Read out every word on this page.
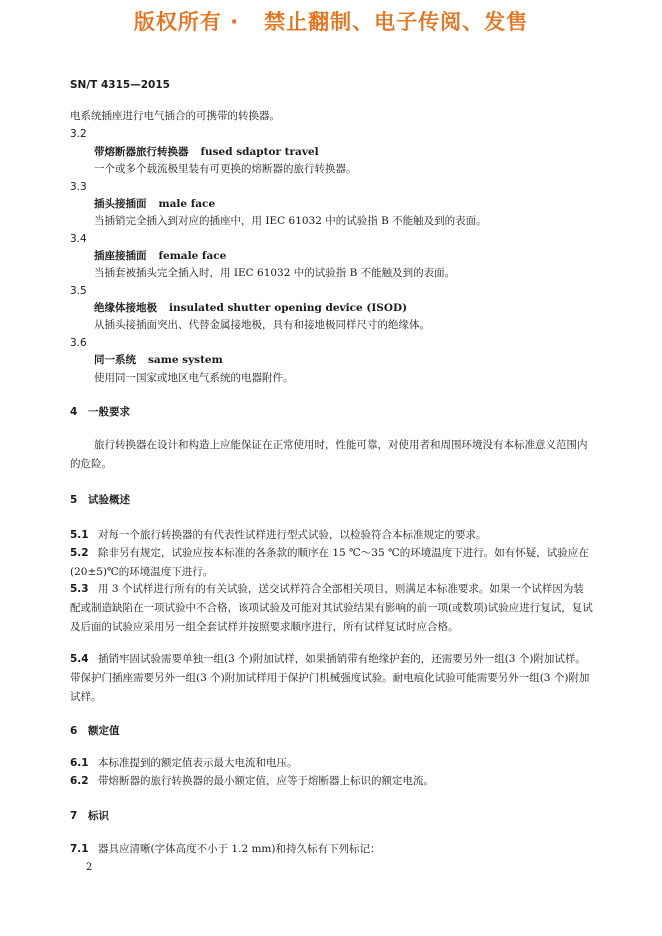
版权所有 ·   禁止翻制、电子传阅、发售
SN/T 4315—2015
电系统插座进行电气插合的可携带的转换器。
3.2
带熔断器旅行转换器 fused sdaptor travel
一个或多个载流极里装有可更换的熔断器的旅行转换器。
3.3
插头接插面 male face
当插销完全插入到对应的插座中，用 IEC 61032 中的试验指 B 不能触及到的表面。
3.4
插座接插面 female face
当插套被插头完全插入时，用 IEC 61032 中的试验指 B 不能触及到的表面。
3.5
绝缘体接地极 insulated shutter opening device (ISOD)
从插头接插面突出、代替金属接地极，具有和接地极同样尺寸的绝缘体。
3.6
同一系统 same system
使用同一国家或地区电气系统的电器附件。
4 一般要求
旅行转换器在设计和构造上应能保证在正常使用时，性能可靠，对使用者和周围环境没有本标准意义范围内的危险。
5 试验概述
5.1 对每一个旅行转换器的有代表性试样进行型式试验，以检验符合本标准规定的要求。
5.2 除非另有规定，试验应按本标准的各条款的顺序在 15 ℃～35 ℃的环境温度下进行。如有怀疑，试验应在(20±5)℃的环境温度下进行。
5.3 用 3 个试样进行所有的有关试验，送交试样符合全部相关项目，则满足本标准要求。如果一个试样因为装配或制造缺陷在一项试验中不合格，该项试验及可能对其试验结果有影响的前一项(或数项)试验应进行复试，复试及后面的试验应采用另一组全套试样并按照要求顺序进行，所有试样复试时应合格。
5.4 插销牢固试验需要单独一组(3 个)附加试样，如果插销带有绝缘护套的，还需要另外一组(3 个)附加试样。带保护门插座需要另外一组(3 个)附加试样用于保护门机械强度试验。耐电痕化试验可能需要另外一组(3 个)附加试样。
6 额定值
6.1 本标准提到的额定值表示最大电流和电压。
6.2 带熔断器的旅行转换器的最小额定值，应等于熔断器上标识的额定电流。
7 标识
7.1 器具应清晰(字体高度不小于 1.2 mm)和持久标有下列标记：
2
